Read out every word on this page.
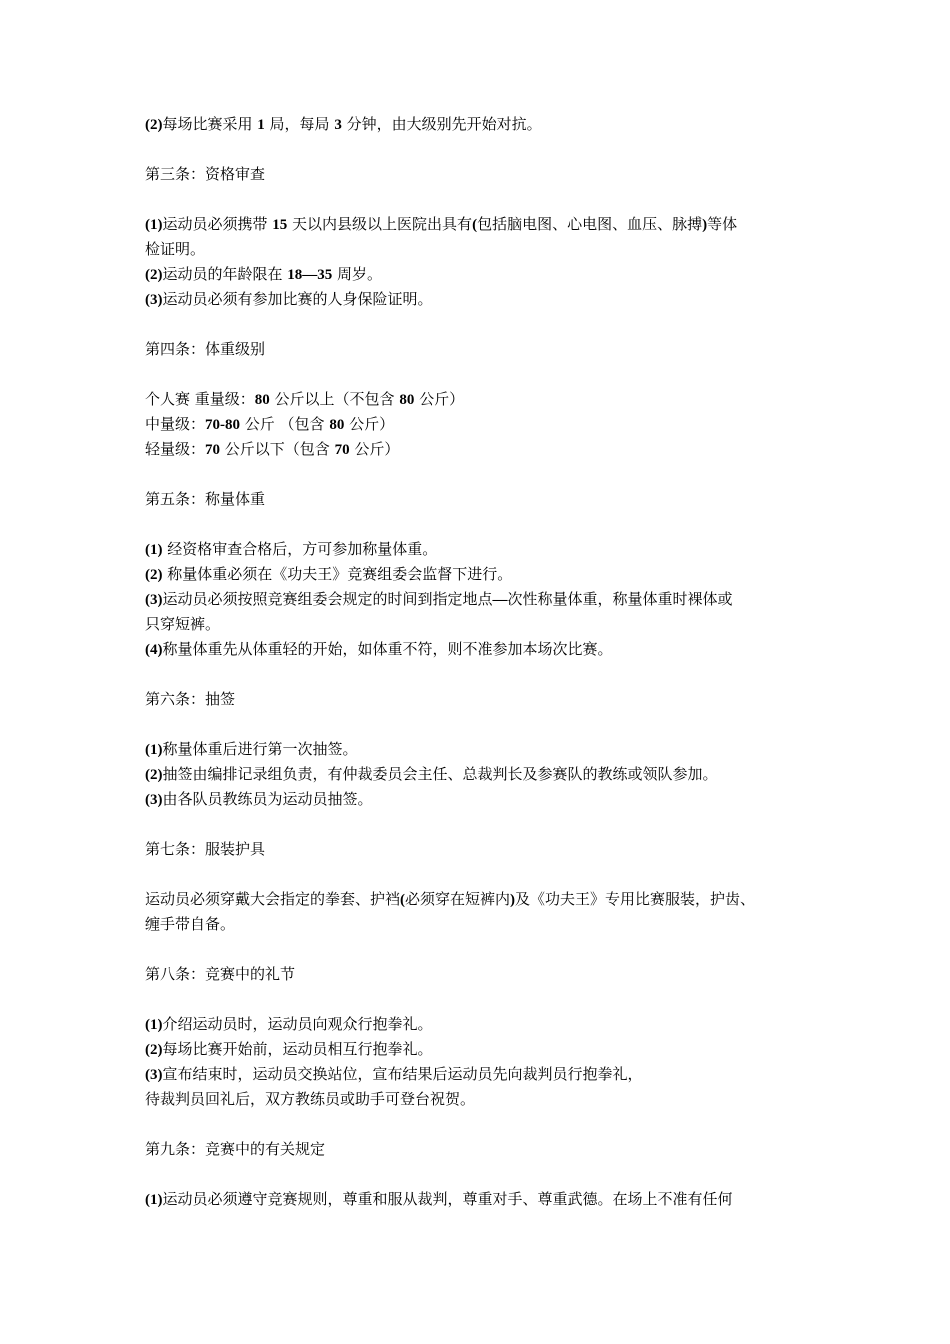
(2)每场比赛采用 1 局，每局 3 分钟，由大级别先开始对抗。
第三条：资格审查
(1)运动员必须携带 15 天以内县级以上医院出具有(包括脑电图、心电图、血压、脉搏)等体
检证明。
(2)运动员的年龄限在 18—35 周岁。
(3)运动员必须有参加比赛的人身保险证明。
第四条：体重级别
个人赛 重量级：80 公斤以上（不包含 80 公斤）
中量级：70-80 公斤 （包含 80 公斤）
轻量级：70 公斤以下（包含 70 公斤）
第五条：称量体重
(1) 经资格审查合格后，方可参加称量体重。
(2) 称量体重必须在《功夫王》竞赛组委会监督下进行。
(3)运动员必须按照竞赛组委会规定的时间到指定地点—次性称量体重，称量体重时裸体或
只穿短裤。
(4)称量体重先从体重轻的开始，如体重不符，则不准参加本场次比赛。
第六条：抽签
(1)称量体重后进行第一次抽签。
(2)抽签由编排记录组负责，有仲裁委员会主任、总裁判长及参赛队的教练或领队参加。
(3)由各队员教练员为运动员抽签。
第七条：服装护具
运动员必须穿戴大会指定的拳套、护裆(必须穿在短裤内)及《功夫王》专用比赛服装，护齿、
缠手带自备。
第八条：竞赛中的礼节
(1)介绍运动员时，运动员向观众行抱拳礼。
(2)每场比赛开始前，运动员相互行抱拳礼。
(3)宣布结束时，运动员交换站位，宣布结果后运动员先向裁判员行抱拳礼，
待裁判员回礼后，双方教练员或助手可登台祝贺。
第九条：竞赛中的有关规定
(1)运动员必须遵守竞赛规则，尊重和服从裁判，尊重对手、尊重武德。在场上不准有任何
